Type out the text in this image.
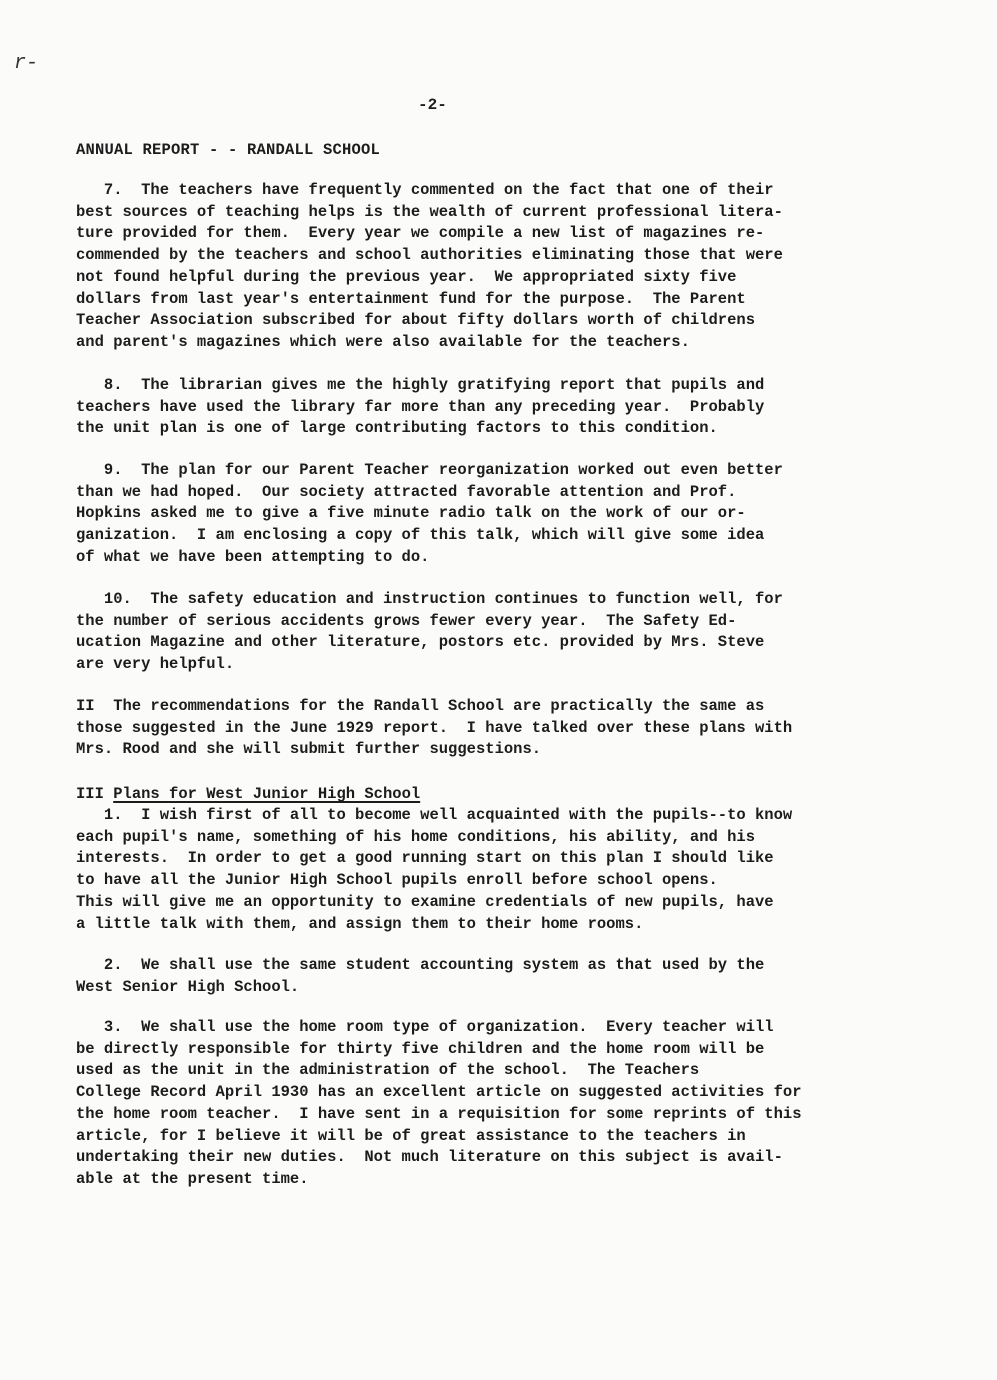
r-
-2-
ANNUAL REPORT - - RANDALL SCHOOL
7.  The teachers have frequently commented on the fact that one of their
best sources of teaching helps is the wealth of current professional litera-
ture provided for them.  Every year we compile a new list of magazines re-
commended by the teachers and school authorities eliminating those that were
not found helpful during the previous year.  We appropriated sixty five
dollars from last year's entertainment fund for the purpose.  The Parent
Teacher Association subscribed for about fifty dollars worth of childrens
and parent's magazines which were also available for the teachers.
8.  The librarian gives me the highly gratifying report that pupils and
teachers have used the library far more than any preceding year.  Probably
the unit plan is one of large contributing factors to this condition.
9.  The plan for our Parent Teacher reorganization worked out even better
than we had hoped.  Our society attracted favorable attention and Prof.
Hopkins asked me to give a five minute radio talk on the work of our or-
ganization.  I am enclosing a copy of this talk, which will give some idea
of what we have been attempting to do.
10.  The safety education and instruction continues to function well, for
the number of serious accidents grows fewer every year.  The Safety Ed-
ucation Magazine and other literature, postors etc. provided by Mrs. Steve
are very helpful.
II  The recommendations for the Randall School are practically the same as
those suggested in the June 1929 report.  I have talked over these plans with
Mrs. Rood and she will submit further suggestions.
III Plans for West Junior High School
1.  I wish first of all to become well acquainted with the pupils--to know
each pupil's name, something of his home conditions, his ability, and his
interests.  In order to get a good running start on this plan I should like
to have all the Junior High School pupils enroll before school opens.
This will give me an opportunity to examine credentials of new pupils, have
a little talk with them, and assign them to their home rooms.
2.  We shall use the same student accounting system as that used by the
West Senior High School.
3.  We shall use the home room type of organization.  Every teacher will
be directly responsible for thirty five children and the home room will be
used as the unit in the administration of the school.  The Teachers
College Record April 1930 has an excellent article on suggested activities for
the home room teacher.  I have sent in a requisition for some reprints of this
article, for I believe it will be of great assistance to the teachers in
undertaking their new duties.  Not much literature on this subject is avail-
able at the present time.
